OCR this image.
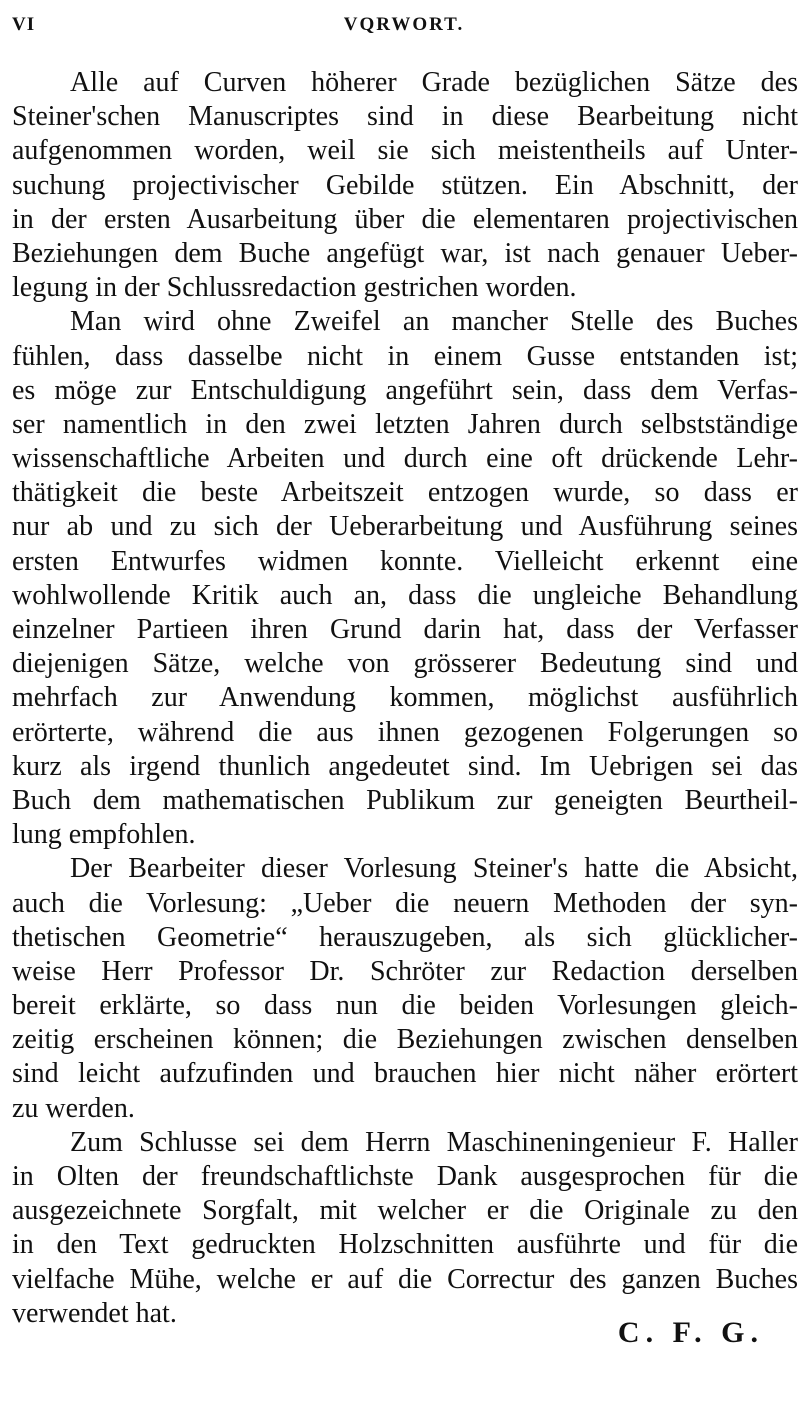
VI	VQRWORT.
Alle auf Curven höherer Grade bezüglichen Sätze des
Steiner'schen Manuscriptes sind in diese Bearbeitung nicht
aufgenommen worden, weil sie sich meistentheils auf Unter-
suchung projectivischer Gebilde stützen. Ein Abschnitt, der
in der ersten Ausarbeitung über die elementaren projectivischen
Beziehungen dem Buche angefügt war, ist nach genauer Ueber-
legung in der Schlussredaction gestrichen worden.
Man wird ohne Zweifel an mancher Stelle des Buches
fühlen, dass dasselbe nicht in einem Gusse entstanden ist;
es möge zur Entschuldigung angeführt sein, dass dem Verfas-
ser namentlich in den zwei letzten Jahren durch selbstständige
wissenschaftliche Arbeiten und durch eine oft drückende Lehr-
thätigkeit die beste Arbeitszeit entzogen wurde, so dass er
nur ab und zu sich der Ueberarbeitung und Ausführung seines
ersten Entwurfes widmen konnte. Vielleicht erkennt eine
wohlwollende Kritik auch an, dass die ungleiche Behandlung
einzelner Partieen ihren Grund darin hat, dass der Verfasser
diejenigen Sätze, welche von grösserer Bedeutung sind und
mehrfach zur Anwendung kommen, möglichst ausführlich
erörterte, während die aus ihnen gezogenen Folgerungen so
kurz als irgend thunlich angedeutet sind. Im Uebrigen sei das
Buch dem mathematischen Publikum zur geneigten Beurtheil-
lung empfohlen.
Der Bearbeiter dieser Vorlesung Steiner's hatte die Absicht,
auch die Vorlesung: „Ueber die neuern Methoden der syn-
thetischen Geometrie“ herauszugeben, als sich glücklicher-
weise Herr Professor Dr. Schröter zur Redaction derselben
bereit erklärte, so dass nun die beiden Vorlesungen gleich-
zeitig erscheinen können; die Beziehungen zwischen denselben
sind leicht aufzufinden und brauchen hier nicht näher erörtert
zu werden.
Zum Schlusse sei dem Herrn Maschineningenieur F. Haller
in Olten der freundschaftlichste Dank ausgesprochen für die
ausgezeichnete Sorgfalt, mit welcher er die Originale zu den
in den Text gedruckten Holzschnitten ausführte und für die
vielfache Mühe, welche er auf die Correctur des ganzen Buches
verwendet hat.
C. F. G.
